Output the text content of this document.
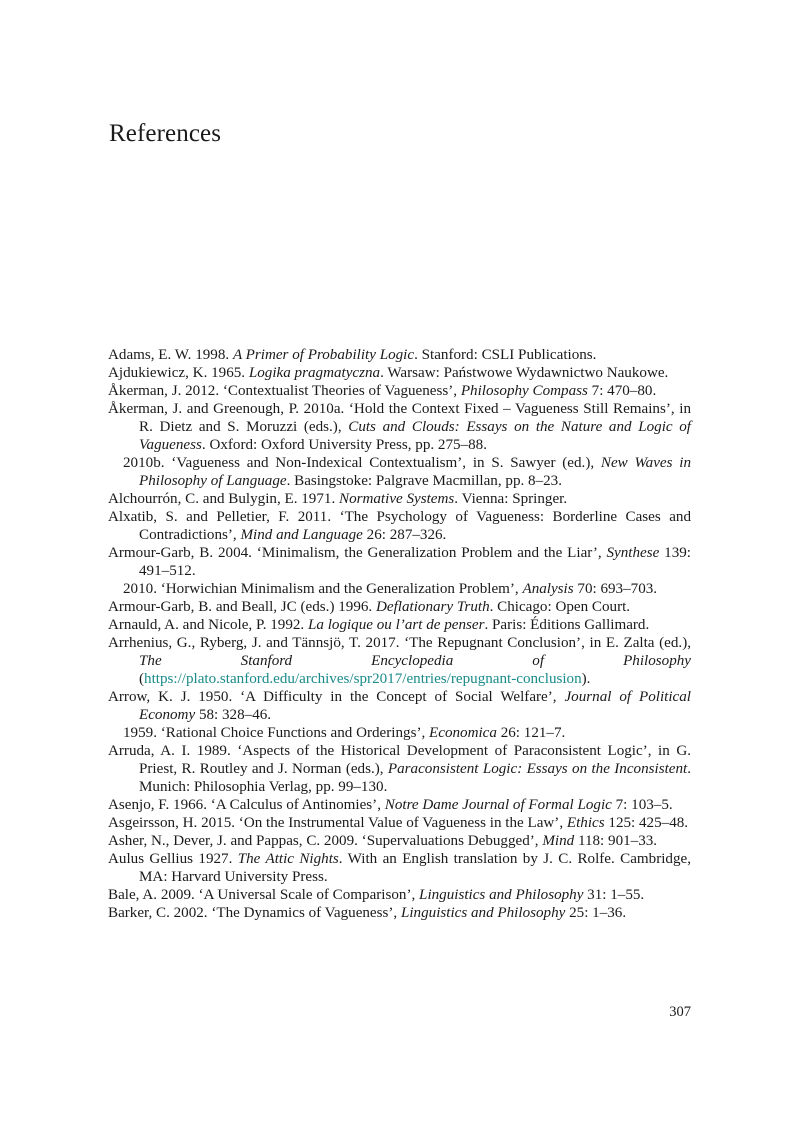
References
Adams, E. W. 1998. A Primer of Probability Logic. Stanford: CSLI Publications.
Ajdukiewicz, K. 1965. Logika pragmatyczna. Warsaw: Państwowe Wydawnictwo Naukowe.
Åkerman, J. 2012. ‘Contextualist Theories of Vagueness’, Philosophy Compass 7: 470–80.
Åkerman, J. and Greenough, P. 2010a. ‘Hold the Context Fixed – Vagueness Still Remains’, in R. Dietz and S. Moruzzi (eds.), Cuts and Clouds: Essays on the Nature and Logic of Vagueness. Oxford: Oxford University Press, pp. 275–88.
2010b. ‘Vagueness and Non-Indexical Contextualism’, in S. Sawyer (ed.), New Waves in Philosophy of Language. Basingstoke: Palgrave Macmillan, pp. 8–23.
Alchourrón, C. and Bulygin, E. 1971. Normative Systems. Vienna: Springer.
Alxatib, S. and Pelletier, F. 2011. ‘The Psychology of Vagueness: Borderline Cases and Contradictions’, Mind and Language 26: 287–326.
Armour-Garb, B. 2004. ‘Minimalism, the Generalization Problem and the Liar’, Synthese 139: 491–512.
2010. ‘Horwichian Minimalism and the Generalization Problem’, Analysis 70: 693–703.
Armour-Garb, B. and Beall, JC (eds.) 1996. Deflationary Truth. Chicago: Open Court.
Arnauld, A. and Nicole, P. 1992. La logique ou l’art de penser. Paris: Éditions Gallimard.
Arrhenius, G., Ryberg, J. and Tännsjö, T. 2017. ‘The Repugnant Conclusion’, in E. Zalta (ed.), The Stanford Encyclopedia of Philosophy (https://plato.stanford.edu/archives/spr2017/entries/repugnant-conclusion).
Arrow, K. J. 1950. ‘A Difficulty in the Concept of Social Welfare’, Journal of Political Economy 58: 328–46.
1959. ‘Rational Choice Functions and Orderings’, Economica 26: 121–7.
Arruda, A. I. 1989. ‘Aspects of the Historical Development of Paraconsistent Logic’, in G. Priest, R. Routley and J. Norman (eds.), Paraconsistent Logic: Essays on the Inconsistent. Munich: Philosophia Verlag, pp. 99–130.
Asenjo, F. 1966. ‘A Calculus of Antinomies’, Notre Dame Journal of Formal Logic 7: 103–5.
Asgeirsson, H. 2015. ‘On the Instrumental Value of Vagueness in the Law’, Ethics 125: 425–48.
Asher, N., Dever, J. and Pappas, C. 2009. ‘Supervaluations Debugged’, Mind 118: 901–33.
Aulus Gellius 1927. The Attic Nights. With an English translation by J. C. Rolfe. Cambridge, MA: Harvard University Press.
Bale, A. 2009. ‘A Universal Scale of Comparison’, Linguistics and Philosophy 31: 1–55.
Barker, C. 2002. ‘The Dynamics of Vagueness’, Linguistics and Philosophy 25: 1–36.
307
